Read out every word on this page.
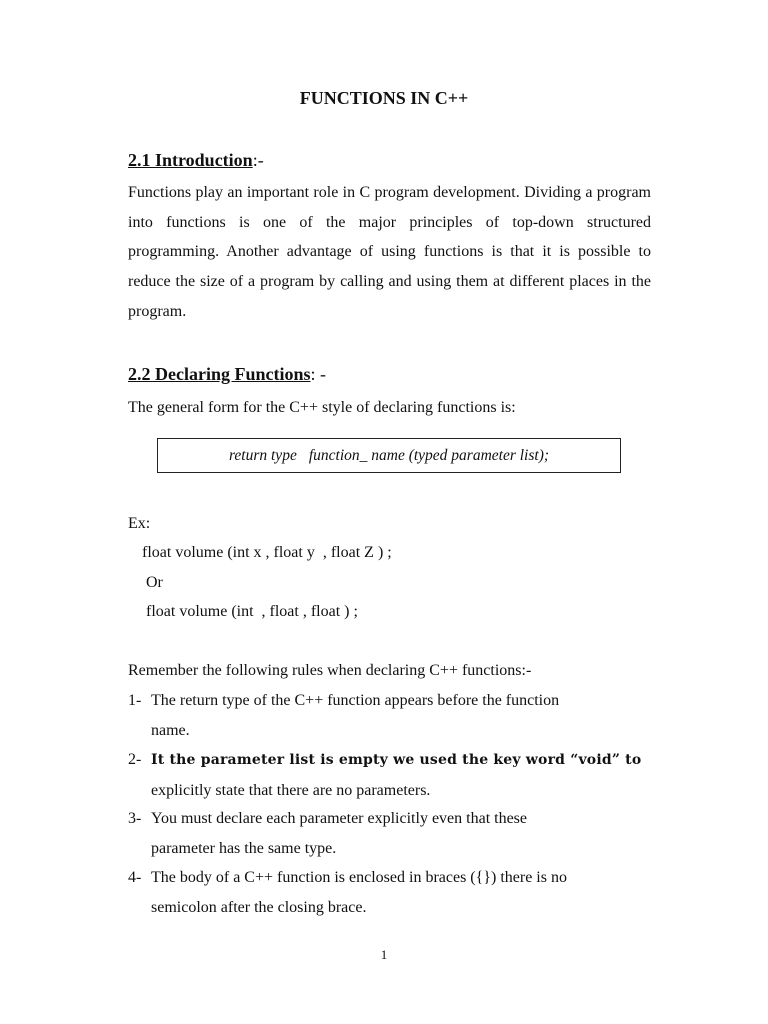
FUNCTIONS IN C++
2.1 Introduction:-

Functions play an important role in C program development. Dividing a program into functions is one of the major principles of top-down structured programming. Another advantage of using functions is that it is possible to reduce the size of a program by calling and using them at different places in the program.

2.2 Declaring Functions: -

The general form for the C++ style of declaring functions is:

return type function_ name (typed parameter list);

Ex:

float volume (int x , float y  , float Z ) ;

Or

float volume (int  , float , float ) ;

Remember the following rules when declaring C++ functions:-

1- The return type of the C++ function appears before the function
name.

2- It the parameter list is empty we used the key word “void” to
explicitly state that there are no parameters.

3- You must declare each parameter explicitly even that these
parameter has the same type.

4- The body of a C++ function is enclosed in braces ({}) there is no
semicolon after the closing brace.

1
